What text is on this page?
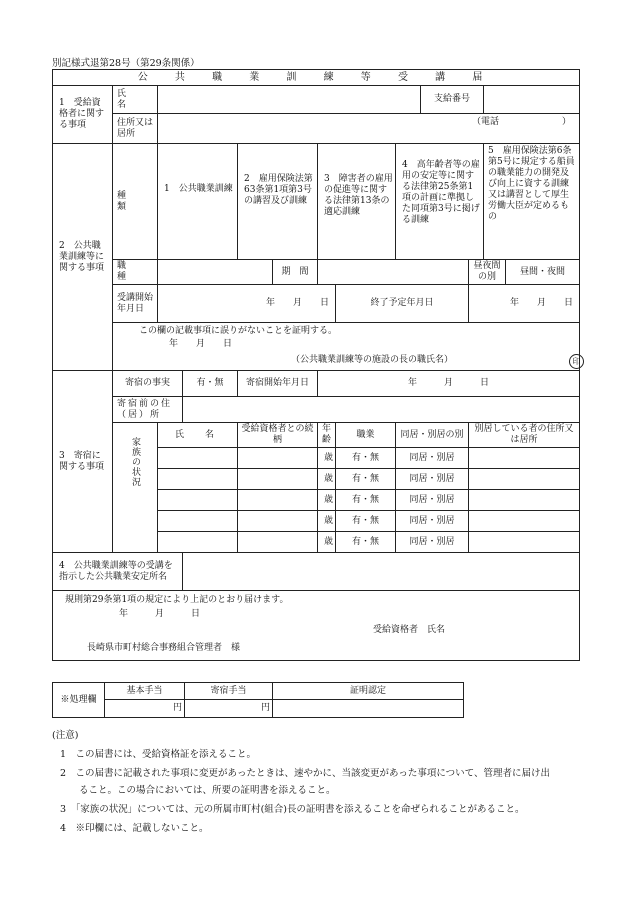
別記様式退第28号（第29条関係）
公 共 職 業 訓 練 等 受 講 届												
1　受給資格者に関する事項	氏　名								支給番号			
	住所又は居所	（電話　　　　　　　）										
2　公共職業訓練等に関する事項	種　類	1　公共職業訓練		2　雇用保険法第63条第1項第3号の講習及び訓練		3　障害者の雇用の促進等に関する法律第13条の適応訓練		4　高年齢者等の雇用の安定等に関する法律第25条第1項の計画に準拠した同項第3号に掲げる訓練			5　雇用保険法第6条第5号に規定する船員の職業能力の開発及び向上に資する訓練又は講習として厚生労働大臣が定めるもの	
	職　種				期　間					昼夜間の別		昼間・夜間
	受講開始年月日	年　　月　　日					終了予定年月日			年　　月　　日		

	この欄の記載事項に誤りがないことを証明する。
年　　月　　日
（公共職業訓練等の施設の長の職氏名） 印											

3　寄宿に関する事項	寄宿の事実		有・無	寄宿開始年月日		年　　　月　　　日						
	寄宿前の住（居）所											
	家族の状況	氏　名		受給資格者との続柄		年齢	職業	同居・別居の別		別居している者の住所又は居所		
						歳	有・無	同居・別居				
						歳	有・無	同居・別居				
						歳	有・無	同居・別居				
						歳	有・無	同居・別居				
						歳	有・無	同居・別居				
4　公共職業訓練等の受講を指示した公共職業安定所名												

規則第29条第1項の規定により上記のとおり届けます。
年　　　月　　　日
受給資格者　氏名
長崎県市町村総合事務組合管理者　様												
※処理欄	基本手当	寄宿手当	証明認定
	円	円	
(注意)
1　この届書には、受給資格証を添えること。
2　この届書に記載された事項に変更があったときは、速やかに、当該変更があった事項について、管理者に届け出
　　ること。この場合においては、所要の証明書を添えること。
3　「家族の状況」については、元の所属市町村(組合)長の証明書を添えることを命ぜられることがあること。
4　※印欄には、記載しないこと。
